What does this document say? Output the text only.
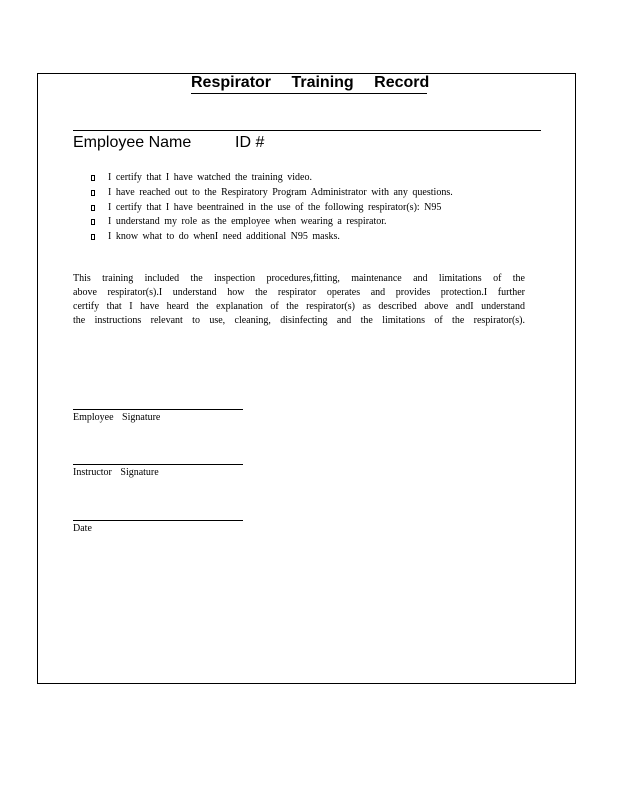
Respirator Training Record
Employee Name	ID #
I certify that I have watched the training video.
I have reached out to the Respiratory Program Administrator with any questions.
I certify that I have beentrained in the use of the following respirator(s): N95
I understand my role as the employee when wearing a respirator.
I know what to do whenI need additional N95 masks.
This training included the inspection procedures,fitting, maintenance and limitations of the
above respirator(s).I understand how the respirator operates and provides protection.I further
certify that I have heard the explanation of the respirator(s) as described above andI understand
the instructions relevant to use, cleaning, disinfecting and the limitations of the respirator(s).
Employee Signature
Instructor Signature
Date
